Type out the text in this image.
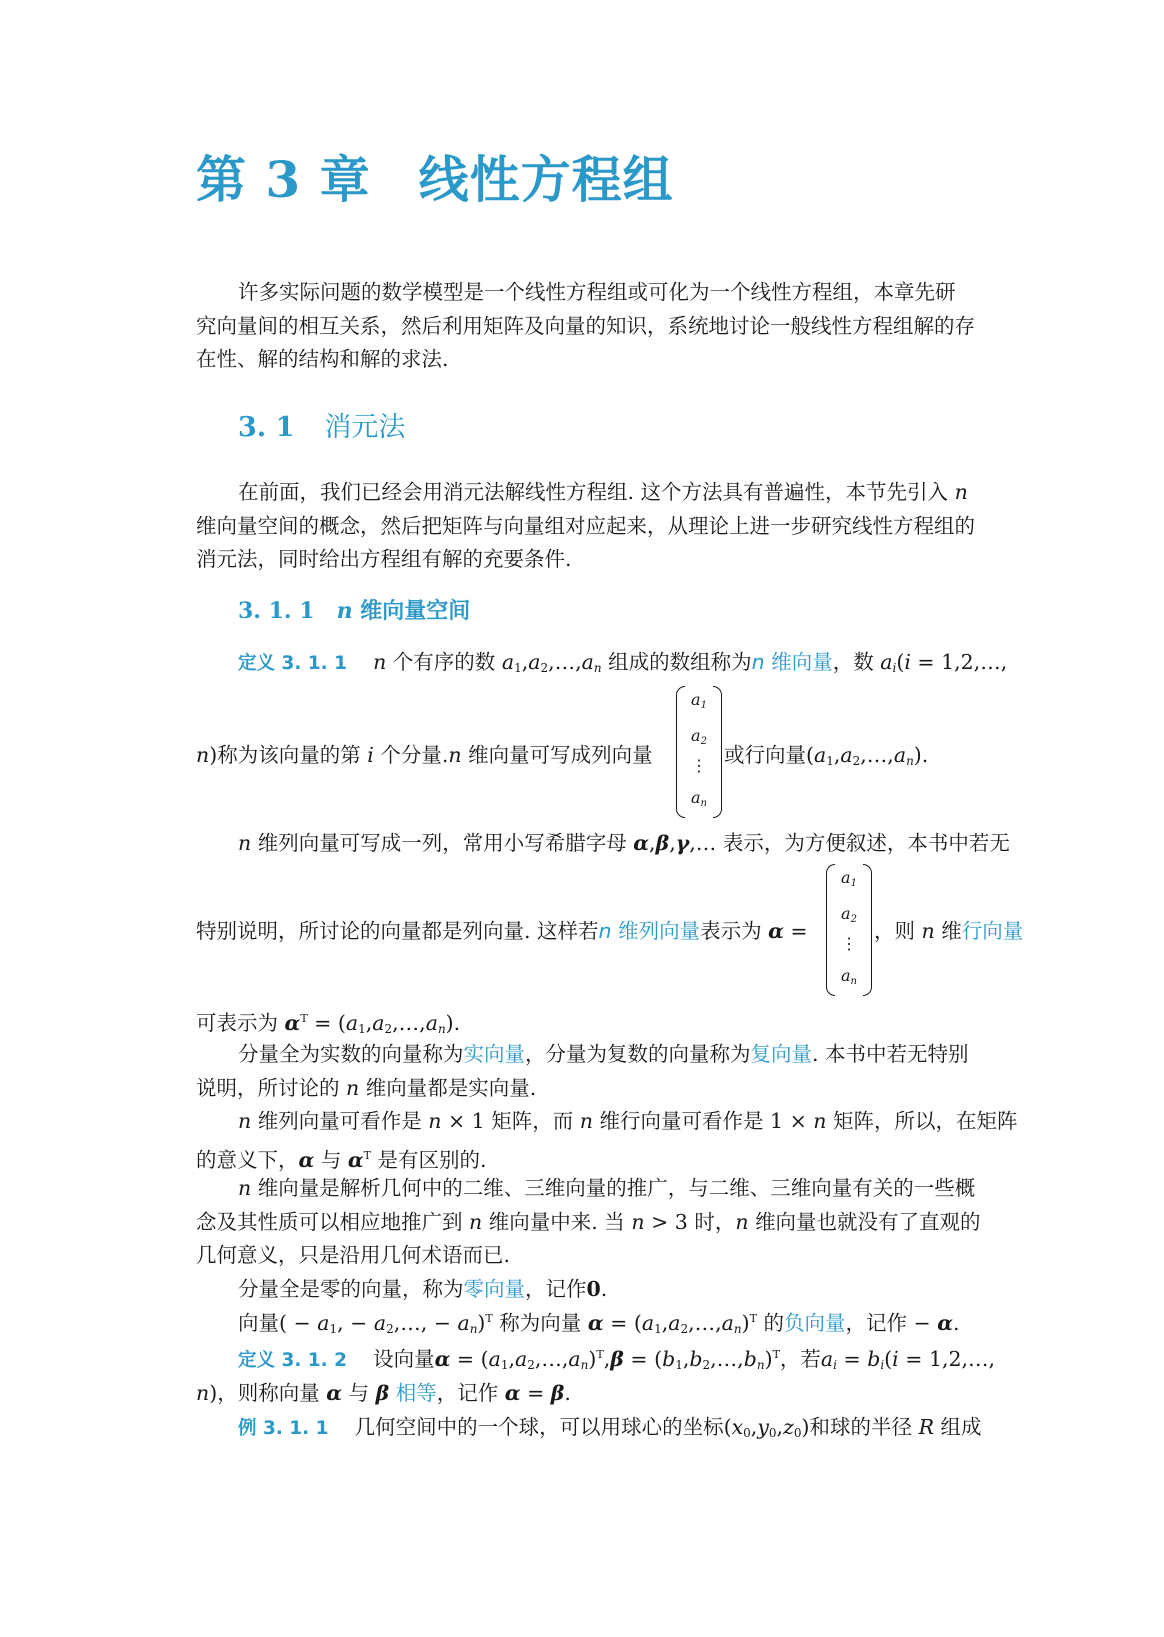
第 3 章 线性方程组
许多实际问题的数学模型是一个线性方程组或可化为一个线性方程组，本章先研
究向量间的相互关系，然后利用矩阵及向量的知识，系统地讨论一般线性方程组解的存
在性、解的结构和解的求法.
3. 1 消元法
在前面，我们已经会用消元法解线性方程组. 这个方法具有普遍性，本节先引入 n
维向量空间的概念，然后把矩阵与向量组对应起来，从理论上进一步研究线性方程组的
消元法，同时给出方程组有解的充要条件.
3. 1. 1 n 维向量空间
定义 3. 1. 1 n 个有序的数 $a_1,a_2,\dots,a_n$ 组成的数组称为n 维向量，数 $a_i(i$ = 1,2,…,
n)称为该向量的第 i 个分量.n 维向量可写成列向量
$a_1$
$a_2$
⋮
$a_n$
或行向量$(a_1,a_2,\dots,a_n)$.
n 维列向量可写成一列，常用小写希腊字母 α,β,γ,… 表示，为方便叙述，本书中若无
特别说明，所讨论的向量都是列向量. 这样若n 维列向量表示为 α =
$a_1$
$a_2$
⋮
$a_n$
，则 n 维行向量
可表示为 $\alpha^T$ = $(a_1,a_2,\dots,a_n)$.
分量全为实数的向量称为实向量，分量为复数的向量称为复向量. 本书中若无特别
说明，所讨论的 n 维向量都是实向量.
n 维列向量可看作是 n × 1 矩阵，而 n 维行向量可看作是 1 × n 矩阵，所以，在矩阵
的意义下，α 与 $\alpha^T$ 是有区别的.
n 维向量是解析几何中的二维、三维向量的推广，与二维、三维向量有关的一些概
念及其性质可以相应地推广到 n 维向量中来. 当 n > 3 时，n 维向量也就没有了直观的
几何意义，只是沿用几何术语而已.
分量全是零的向量，称为零向量，记作0.
向量( − $a_1$, − $a_2,\dots$, − $a_n)^T$ 称为向量 $\alpha = (a_1,a_2,\dots,a_n)^T$ 的负向量，记作 − α.
定义 3. 1. 2 设向量$\alpha = (a_1,a_2,\dots,a_n)^T,\beta$ = $(b_1,b_2,\dots,b_n)^T$，若$a_i = b_i(i$ = 1,2,…,
n)，则称向量 α 与 β 相等，记作 α = β.
例 3. 1. 1 几何空间中的一个球，可以用球心的坐标$(x_0,y_0,z_0)$和球的半径 R 组成
